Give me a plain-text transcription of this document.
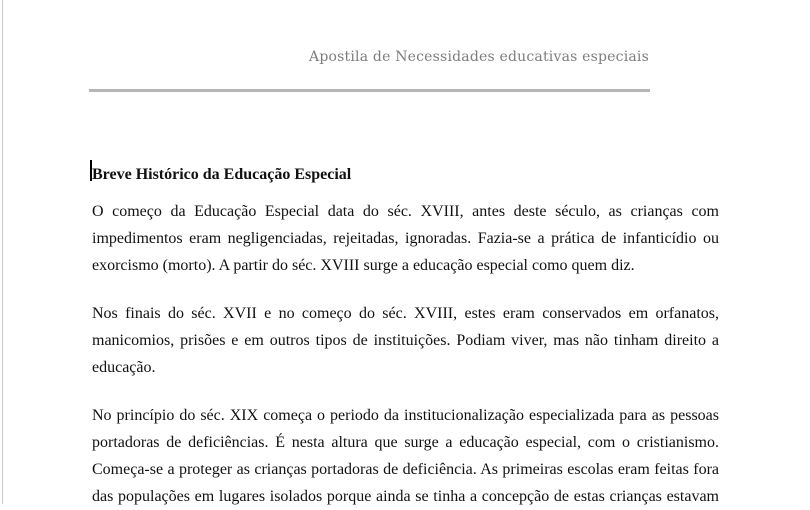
Apostila de Necessidades educativas especiais
Breve Histórico da Educação Especial
O começo da Educação Especial data do séc. XVIII, antes deste século, as crianças com
impedimentos eram negligenciadas, rejeitadas, ignoradas. Fazia-se a prática de infanticídio ou
exorcismo (morto). A partir do séc. XVIII surge a educação especial como quem diz.
Nos finais do séc. XVII e no começo do séc. XVIII, estes eram conservados em orfanatos,
manicomios, prisões e em outros tipos de instituições. Podiam viver, mas não tinham direito a
educação.
No princípio do séc. XIX começa o periodo da institucionalização especializada para as pessoas
portadoras de deficiências. É nesta altura que surge a educação especial, com o cristianismo.
Começa-se a proteger as crianças portadoras de deficiência. As primeiras escolas eram feitas fora
das populações em lugares isolados porque ainda se tinha a concepção de estas crianças estavam
